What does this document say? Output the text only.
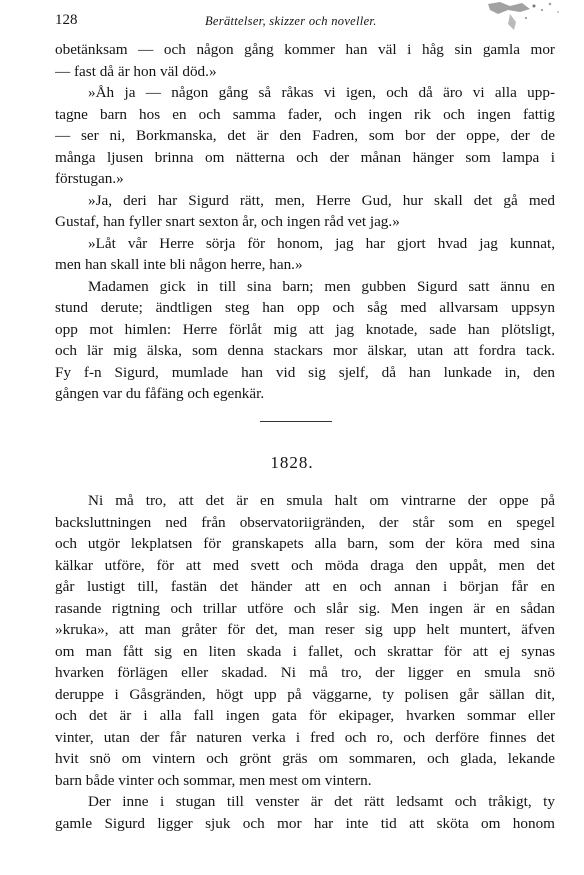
128	Berättelser, skizzer och noveller.
obetänksam — och någon gång kommer han väl i håg sin gamla mor
— fast då är hon väl död.»
»Åh ja — någon gång så råkas vi igen, och då äro vi alla upp-
tagne barn hos en och samma fader, och ingen rik och ingen fattig
— ser ni, Borkmanska, det är den Fadren, som bor der oppe, der de
många ljusen brinna om nätterna och der månan hänger som lampa i
förstugan.»
»Ja, deri har Sigurd rätt, men, Herre Gud, hur skall det gå med
Gustaf, han fyller snart sexton år, och ingen råd vet jag.»
»Låt vår Herre sörja för honom, jag har gjort hvad jag kunnat,
men han skall inte bli någon herre, han.»
Madamen gick in till sina barn; men gubben Sigurd satt ännu en
stund derute; ändtligen steg han opp och såg med allvarsam uppsyn
opp mot himlen: Herre förlåt mig att jag knotade, sade han plötsligt,
och lär mig älska, som denna stackars mor älskar, utan att fordra tack.
Fy f-n Sigurd, mumlade han vid sig sjelf, då han lunkade in, den
gången var du fåfäng och egenkär.
1828.
Ni må tro, att det är en smula halt om vintrarne der oppe på
backsluttningen ned från observatoriigränden, der står som en spegel
och utgör lekplatsen för granskapets alla barn, som der köra med sina
kälkar utföre, för att med svett och möda draga den uppåt, men det
går lustigt till, fastän det händer att en och annan i början får en
rasande rigtning och trillar utföre och slår sig. Men ingen är en sådan
»kruka», att man gråter för det, man reser sig upp helt muntert, äfven
om man fått sig en liten skada i fallet, och skrattar för att ej synas
hvarken förlägen eller skadad. Ni må tro, der ligger en smula snö
deruppe i Gåsgränden, högt upp på väggarne, ty polisen går sällan dit,
och det är i alla fall ingen gata för ekipager, hvarken sommar eller
vinter, utan der får naturen verka i fred och ro, och derföre finnes det
hvit snö om vintern och grönt gräs om sommaren, och glada, lekande
barn både vinter och sommar, men mest om vintern.
Der inne i stugan till venster är det rätt ledsamt och tråkigt, ty
gamle Sigurd ligger sjuk och mor har inte tid att sköta om honom
